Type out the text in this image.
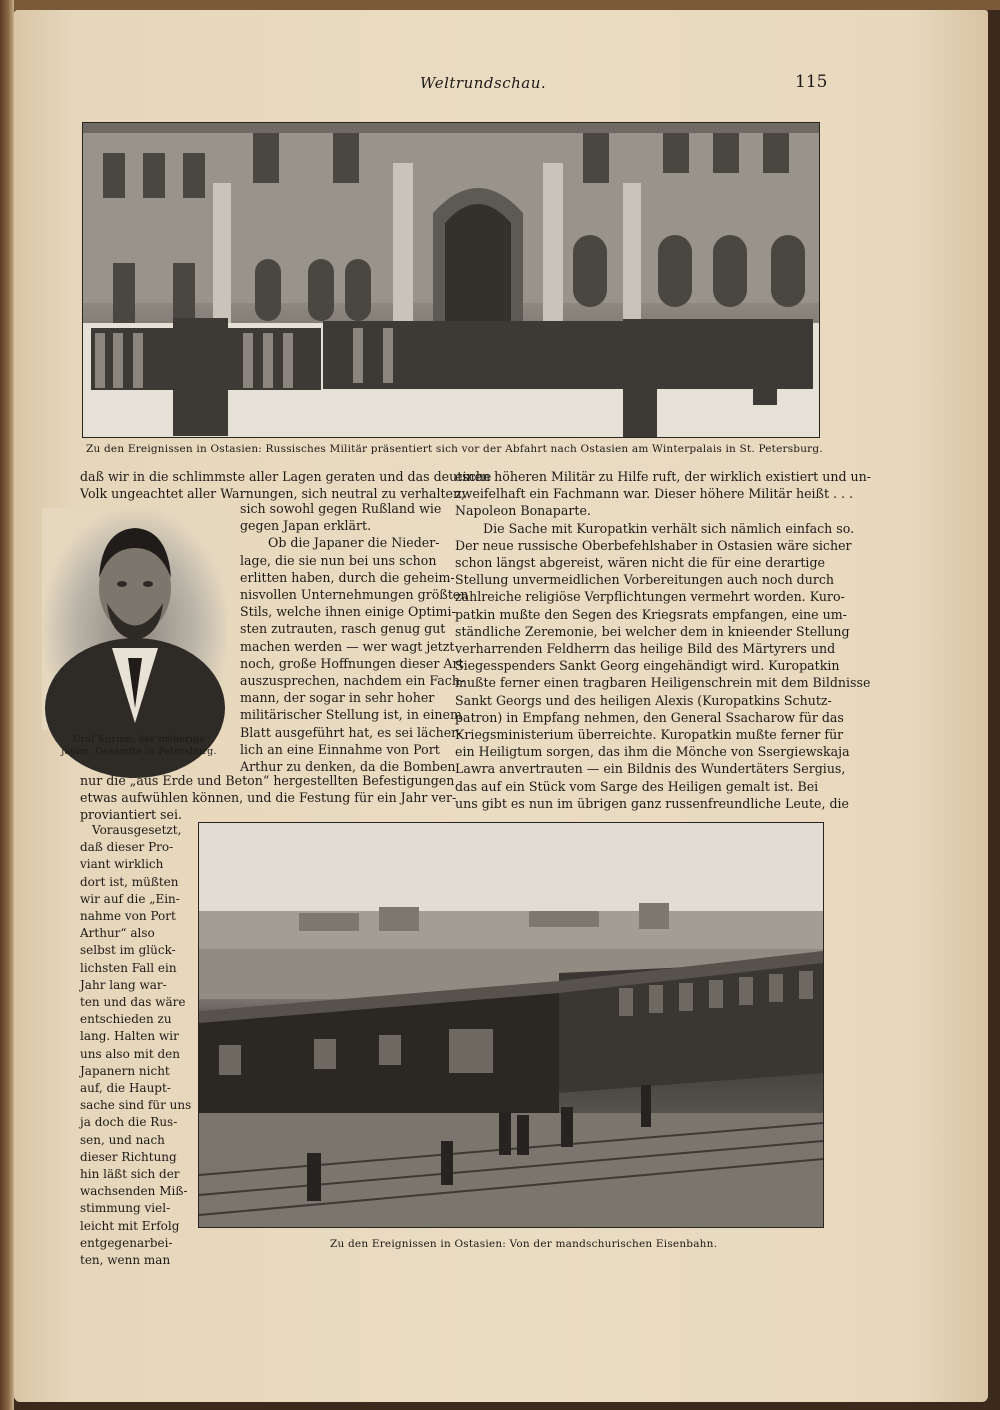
Weltrundschau.	115
Zu den Ereignissen in Ostasien: Russisches Militär präsentiert sich vor der Abfahrt nach Ostasien am Winterpalais in St. Petersburg.
Graf Kurino, der bisherige
japan. Gesandte in Petersburg.
daß wir in die schlimmste aller Lagen geraten und das deutsche
Volk ungeachtet aller Warnungen, sich neutral zu verhalten,
sich sowohl gegen Rußland wie
gegen Japan erklärt.
Ob die Japaner die Nieder-
lage, die sie nun bei uns schon
erlitten haben, durch die geheim-
nisvollen Unternehmungen größten
Stils, welche ihnen einige Optimi-
sten zutrauten, rasch genug gut
machen werden — wer wagt jetzt
noch, große Hoffnungen dieser Art
auszusprechen, nachdem ein Fach-
mann, der sogar in sehr hoher
militärischer Stellung ist, in einem
Blatt ausgeführt hat, es sei lächer-
lich an eine Einnahme von Port
Arthur zu denken, da die Bomben
nur die „aus Erde und Beton“ hergestellten Befestigungen
etwas aufwühlen können, und die Festung für ein Jahr ver-
proviantiert sei.
Vorausgesetzt,
daß dieser Pro-
viant wirklich
dort ist, müßten
wir auf die „Ein-
nahme von Port
Arthur“ also
selbst im glück-
lichsten Fall ein
Jahr lang war-
ten und das wäre
entschieden zu
lang. Halten wir
uns also mit den
Japanern nicht
auf, die Haupt-
sache sind für uns
ja doch die Rus-
sen, und nach
dieser Richtung
hin läßt sich der
wachsenden Miß-
stimmung viel-
leicht mit Erfolg
entgegenarbei-
ten, wenn man
einen höheren Militär zu Hilfe ruft, der wirklich existiert und un-
zweifelhaft ein Fachmann war. Dieser höhere Militär heißt . . .
Napoleon Bonaparte.
Die Sache mit Kuropatkin verhält sich nämlich einfach so.
Der neue russische Oberbefehlshaber in Ostasien wäre sicher
schon längst abgereist, wären nicht die für eine derartige
Stellung unvermeidlichen Vorbereitungen auch noch durch
zahlreiche religiöse Verpflichtungen vermehrt worden. Kuro-
patkin mußte den Segen des Kriegsrats empfangen, eine um-
ständliche Zeremonie, bei welcher dem in knieender Stellung
verharrenden Feldherrn das heilige Bild des Märtyrers und
Siegesspenders Sankt Georg eingehändigt wird. Kuropatkin
mußte ferner einen tragbaren Heiligenschrein mit dem Bildnisse
Sankt Georgs und des heiligen Alexis (Kuropatkins Schutz-
patron) in Empfang nehmen, den General Ssacharow für das
Kriegsministerium überreichte. Kuropatkin mußte ferner für
ein Heiligtum sorgen, das ihm die Mönche von Ssergiewskaja
Lawra anvertrauten — ein Bildnis des Wundertäters Sergius,
das auf ein Stück vom Sarge des Heiligen gemalt ist. Bei
uns gibt es nun im übrigen ganz russenfreundliche Leute, die
Zu den Ereignissen in Ostasien: Von der mandschurischen Eisenbahn.
